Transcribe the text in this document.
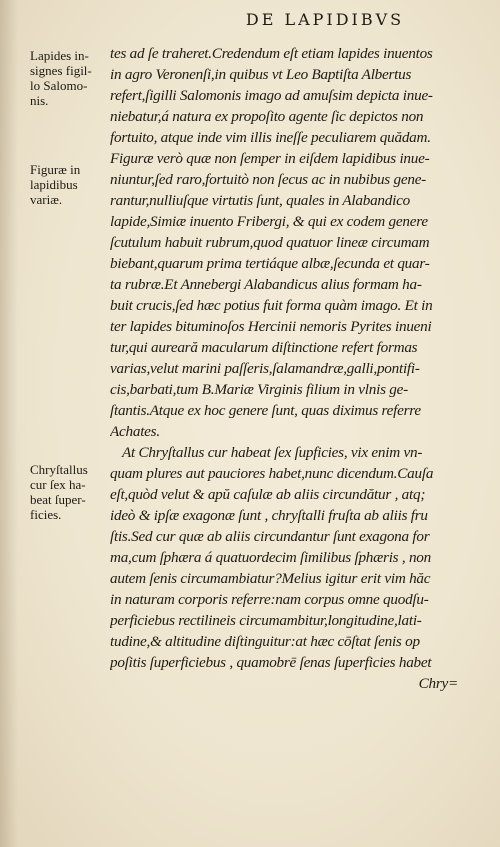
DE LAPIDIBVS
Lapides in-
signes figil-
lo Salomo-
nis.
Figuræ in
lapidibus
variæ.
Chryſtallus
cur ſex ha-
beat ſuper-
ficies.
tes ad ſe traheret.Credendum eſt etiam lapides inuentos
in agro Veronenſi,in quibus vt Leo Baptiſta Albertus
refert,ſigilli Salomonis imago ad amuſsim depicta inue-
niebatur,á natura ex propoſito agente ſic depictos non
fortuito, atque inde vim illis ineſſe peculiarem quădam.
Figuræ verò quæ non ſemper in eiſdem lapidibus inue-
niuntur,ſed raro,fortuitò non ſecus ac in nubibus gene-
rantur,nulliuſque virtutis ſunt, quales in Alabandico
lapide,Simiæ inuento Fribergi, & qui ex codem genere
ſcutulum habuit rubrum,quod quatuor lineæ circumam
biebant,quarum prima tertiáque albæ,ſecunda et quar-
ta rubræ.Et Annebergi Alabandicus alius formam ha-
buit crucis,ſed hæc potius fuit forma quàm imago. Et in
ter lapides bituminoſos Hercinii nemoris Pyrites inueni
tur,qui aureară macularum diſtinctione refert formas
varias,velut marini paſſeris,ſalamandræ,galli,pontifi-
cis,barbati,tum B.Mariæ Virginis filium in vlnis ge-
ſtantis.Atque ex hoc genere ſunt, quas diximus referre
Achates.
At Chryſtallus cur habeat ſex ſupficies, vix enim vn-
quam plures aut pauciores habet,nunc dicendum.Cauſa
eſt,quòd velut & apŭ caſulæ ab aliis circundătur , atq;
ideò & ipſæ exagonæ ſunt , chryſtalli fruſta ab aliis fru
ſtis.Sed cur quæ ab aliis circundantur ſunt exagona for
ma,cum ſphæra á quatuordecim ſimilibus ſphæris , non
autem ſenis circumambiatur?Melius igitur erit vim hăc
in naturam corporis referre:nam corpus omne quodſu-
perficiebus rectilineis circumambitur,longitudine,lati-
tudine,& altitudine diſtinguitur:at hæc cōſtat ſenis op
poſitis ſuperficiebus , quamobrē ſenas ſuperficies habet
Chry=
